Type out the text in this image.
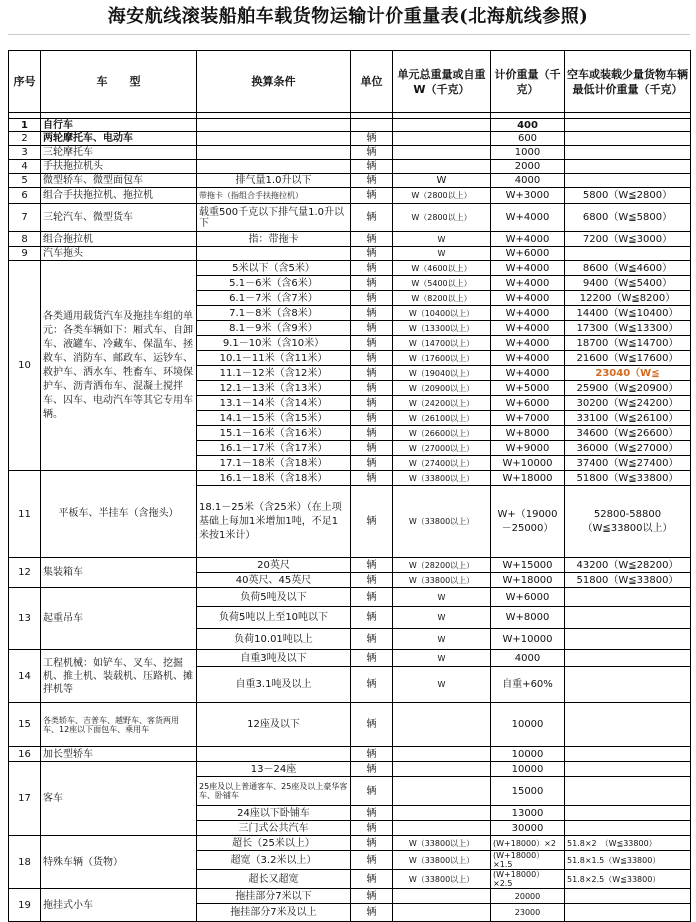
海安航线滚装船舶车载货物运输计价重量表(北海航线参照)
序号	车　　型	换算条件	单位	单元总重量或自重W（千克）	计价重量（千克）	空车或装载少量货物车辆最低计价重量（千克）

1	自行车				400	
2	两轮摩托车、电动车		辆		600	
3	三轮摩托车		辆		1000	
4	手扶拖拉机头		辆		2000	
5	微型轿车、微型面包车	排气量1.0升以下	辆	W	4000	
6	组合手扶拖拉机、拖拉机	带拖卡（指组合手扶拖拉机）	辆	W（2800以上）	W+3000	5800（W≦2800）
7	三轮汽车、微型货车	载重500千克以下排气量1.0升以下	辆	W（2800以上）	W+4000	6800（W≦5800）
8	组合拖拉机	指：带拖卡	辆	W	W+4000	7200（W≦3000）
9	汽车拖头		辆	W	W+6000	
10	各类通用载货汽车及拖挂车组的单元：各类车辆如下：厢式车、自卸车、液罐车、冷藏车、保温车、拯救车、消防车、邮政车、运钞车、救护车、洒水车、牲畜车、环境保护车、沥青洒布车、混凝土搅拌车、囚车、电动汽车等其它专用车辆。	5米以下（含5米）	辆	W（4600以上）	W+4000	8600（W≦4600）
		5.1－6米（含6米）	辆	W（5400以上）	W+4000	9400（W≦5400）
		6.1－7米（含7米）	辆	W（8200以上）	W+4000	12200（W≦8200）
		7.1－8米（含8米）	辆	W（10400以上）	W+4000	14400（W≦10400）
		8.1－9米（含9米）	辆	W（13300以上）	W+4000	17300（W≦13300）
		9.1－10米（含10米）	辆	W（14700以上）	W+4000	18700（W≦14700）
		10.1－11米（含11米）	辆	W（17600以上）	W+4000	21600（W≦17600）
		11.1－12米（含12米）	辆	W（19040以上）	W+4000	23040（W≦
		12.1－13米（含13米）	辆	W（20900以上）	W+5000	25900（W≦20900）
		13.1－14米（含14米）	辆	W（24200以上）	W+6000	30200（W≦24200）
		14.1－15米（含15米）	辆	W（26100以上）	W+7000	33100（W≦26100）
		15.1－16米（含16米）	辆	W（26600以上）	W+8000	34600（W≦26600）
		16.1－17米（含17米）	辆	W（27000以上）	W+9000	36000（W≦27000）
		17.1－18米（含18米）	辆	W（27400以上）	W+10000	37400（W≦27400）
11	平板车、半挂车（含拖头）	16.1－18米（含18米）	辆	W（33800以上）	W+18000	51800（W≦33800）
		18.1－25米（含25米）（在上项基础上每加1米增加1吨，不足1米按1米计）	辆	W（33800以上）	W+（19000－25000）	52800-58800（W≦33800以上）
12	集装箱车	20英尺	辆	W（28200以上）	W+15000	43200（W≦28200）
		40英尺、45英尺	辆	W（33800以上）	W+18000	51800（W≦33800）
13	起重吊车	负荷5吨及以下	辆	W	W+6000	
		负荷5吨以上至10吨以下	辆	W	W+8000	
		负荷10.01吨以上	辆	W	W+10000	
14	工程机械：如铲车、叉车、挖掘机、推土机、装载机、压路机、摊拌机等	自重3吨及以下	辆	W	4000	
		自重3.1吨及以上	辆	W	自重+60%	
15	各类轿车、吉普车、越野车、客货两用车、12座以下面包车、乘用车	12座及以下	辆		10000	
16	加长型轿车		辆		10000	
17	客车	13－24座	辆		10000	
		25座及以上普通客车、25座及以上豪华客车、卧铺车	辆		15000	
		24座以下卧铺车	辆		13000	
		三门式公共汽车	辆		30000	
18	特殊车辆（货物）	超长（25米以上）	辆	W（33800以上）	(W+18000）×2	51.8×2　（W≦33800）
		超宽（3.2米以上）	辆	W（33800以上）	(W+18000）×1.5	51.8×1.5（W≦33800）
		超长又超宽	辆	W（33800以上）	(W+18000）×2.5	51.8×2.5（W≦33800）
19	拖挂式小车	拖挂部分7米以下	辆		20000	
		拖挂部分7米及以上	辆		23000	
